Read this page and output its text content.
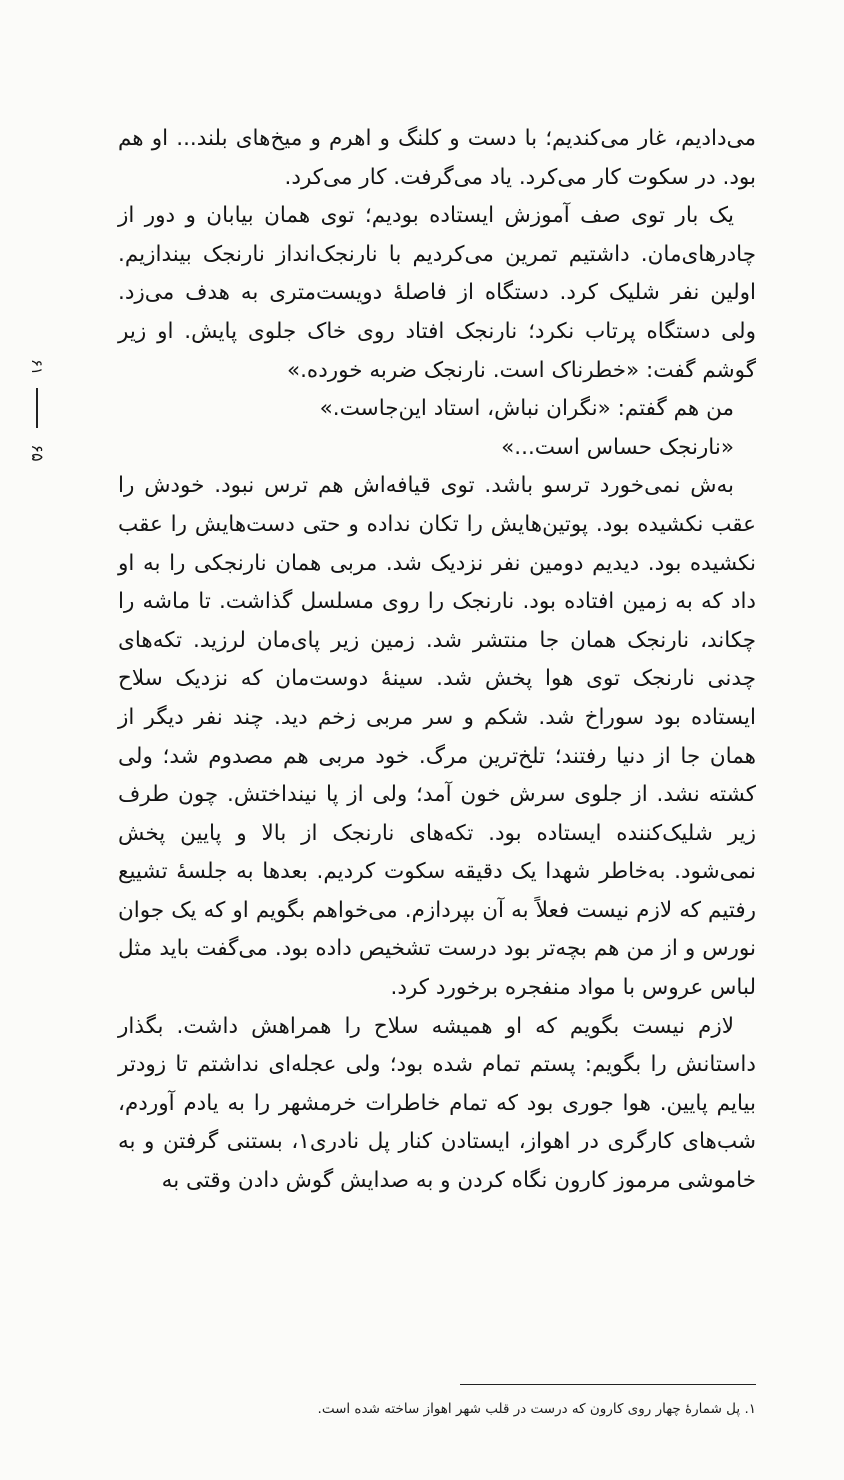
۶۱
۶۵

می‌دادیم، غار می‌کندیم؛ با دست و کلنگ و اهرم و میخ‌های بلند... او هم بود. در سکوت کار می‌کرد. یاد می‌گرفت. کار می‌کرد.

یک بار توی صف آموزش ایستاده بودیم؛ توی همان بیابان و دور از چادرهای‌مان. داشتیم تمرین می‌کردیم با نارنجک‌انداز نارنجک بیندازیم. اولین نفر شلیک کرد. دستگاه از فاصلهٔ دویست‌متری به هدف می‌زد. ولی دستگاه پرتاب نکرد؛ نارنجک افتاد روی خاک جلوی پایش. او زیر گوشم گفت: «خطرناک است. نارنجک ضربه خورده.»

من هم گفتم: «نگران نباش، استاد این‌جاست.»

«نارنجک حساس است...»

به‌ش نمی‌خورد ترسو باشد. توی قیافه‌اش هم ترس نبود. خودش را عقب نکشیده بود. پوتین‌هایش را تکان نداده و حتی دست‌هایش را عقب نکشیده بود. دیدیم دومین نفر نزدیک شد. مربی همان نارنجکی را به او داد که به زمین افتاده بود. نارنجک را روی مسلسل گذاشت. تا ماشه را چکاند، نارنجک همان جا منتشر شد. زمین زیر پای‌مان لرزید. تکه‌های چدنی نارنجک توی هوا پخش شد. سینهٔ دوست‌مان که نزدیک سلاح ایستاده بود سوراخ شد. شکم و سر مربی زخم دید. چند نفر دیگر از همان جا از دنیا رفتند؛ تلخ‌ترین مرگ. خود مربی هم مصدوم شد؛ ولی کشته نشد. از جلوی سرش خون آمد؛ ولی از پا نینداختش. چون طرف زیر شلیک‌کننده ایستاده بود. تکه‌های نارنجک از بالا و پایین پخش نمی‌شود. به‌خاطر شهدا یک دقیقه سکوت کردیم. بعدها به جلسهٔ تشییع رفتیم که لازم نیست فعلاً به آن بپردازم. می‌خواهم بگویم او که یک جوان نورس و از من هم بچه‌تر بود درست تشخیص داده بود. می‌گفت باید مثل لباس عروس با مواد منفجره برخورد کرد.

لازم نیست بگویم که او همیشه سلاح را همراهش داشت. بگذار داستانش را بگویم: پستم تمام شده بود؛ ولی عجله‌ای نداشتم تا زودتر بیایم پایین. هوا جوری بود که تمام خاطرات خرمشهر را به یادم آوردم، شب‌های کارگری در اهواز، ایستادن کنار پل نادری۱، بستنی گرفتن و به خاموشی مرموز کارون نگاه کردن و به صدایش گوش دادن وقتی به

۱. پل شمارهٔ چهار روی کارون که درست در قلب شهر اهواز ساخته شده است.
